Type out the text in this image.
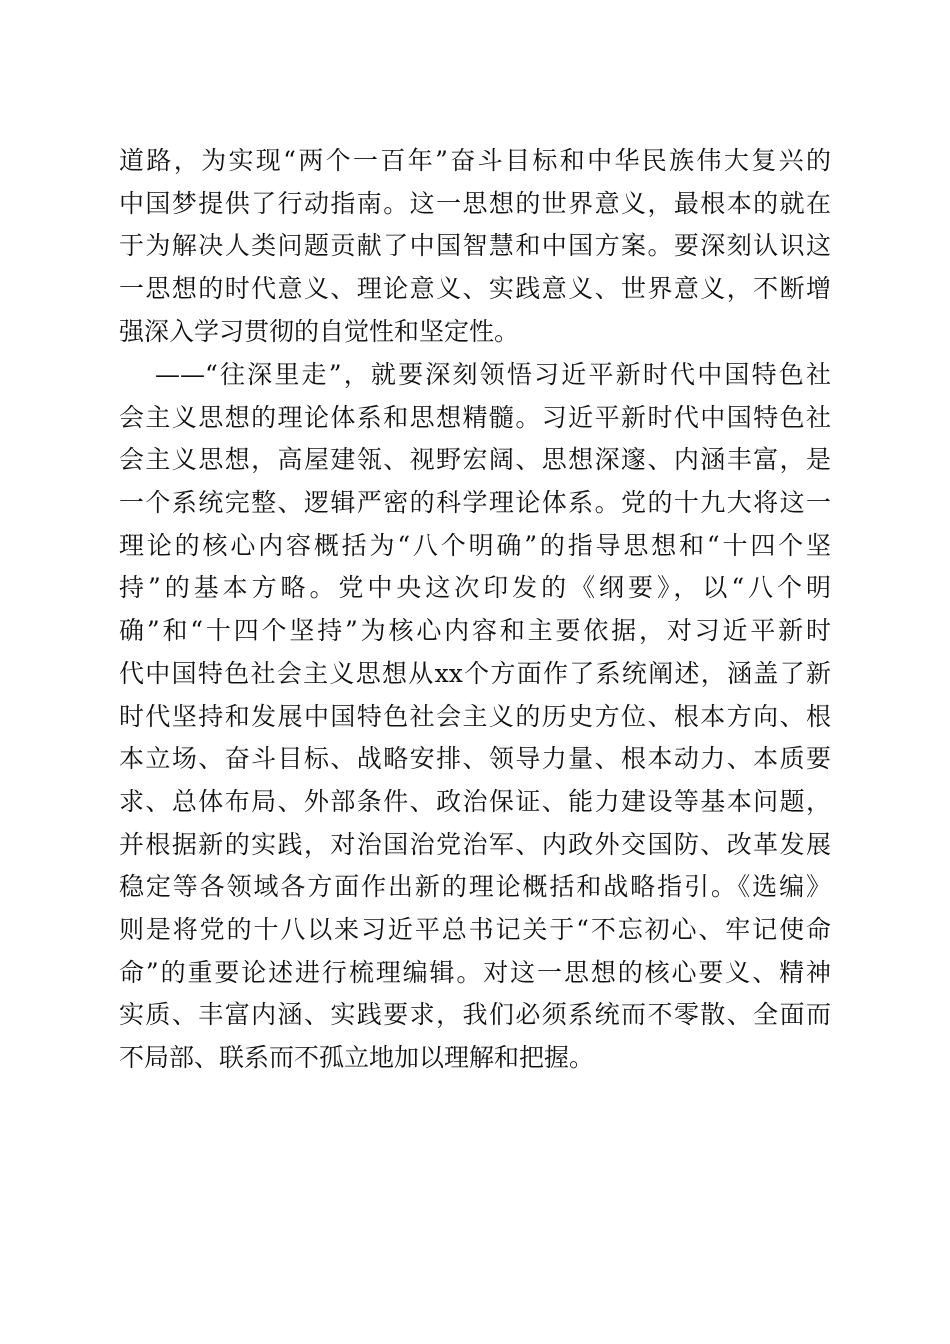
道路，为实现“两个一百年”奋斗目标和中华民族伟大复兴的
中国梦提供了行动指南。这一思想的世界意义，最根本的就在
于为解决人类问题贡献了中国智慧和中国方案。要深刻认识这
一思想的时代意义、理论意义、实践意义、世界意义，不断增
强深入学习贯彻的自觉性和坚定性。
——“往深里走”，就要深刻领悟习近平新时代中国特色社
会主义思想的理论体系和思想精髓。习近平新时代中国特色社
会主义思想，高屋建瓴、视野宏阔、思想深邃、内涵丰富，是
一个系统完整、逻辑严密的科学理论体系。党的十九大将这一
理论的核心内容概括为“八个明确”的指导思想和“十四个坚
持”的基本方略。党中央这次印发的《纲要》，以“八个明
确”和“十四个坚持”为核心内容和主要依据，对习近平新时
代中国特色社会主义思想从xx个方面作了系统阐述，涵盖了新
时代坚持和发展中国特色社会主义的历史方位、根本方向、根
本立场、奋斗目标、战略安排、领导力量、根本动力、本质要
求、总体布局、外部条件、政治保证、能力建设等基本问题，
并根据新的实践，对治国治党治军、内政外交国防、改革发展
稳定等各领域各方面作出新的理论概括和战略指引。《选编》
则是将党的十八以来习近平总书记关于“不忘初心、牢记使命
命”的重要论述进行梳理编辑。对这一思想的核心要义、精神
实质、丰富内涵、实践要求，我们必须系统而不零散、全面而
不局部、联系而不孤立地加以理解和把握。
